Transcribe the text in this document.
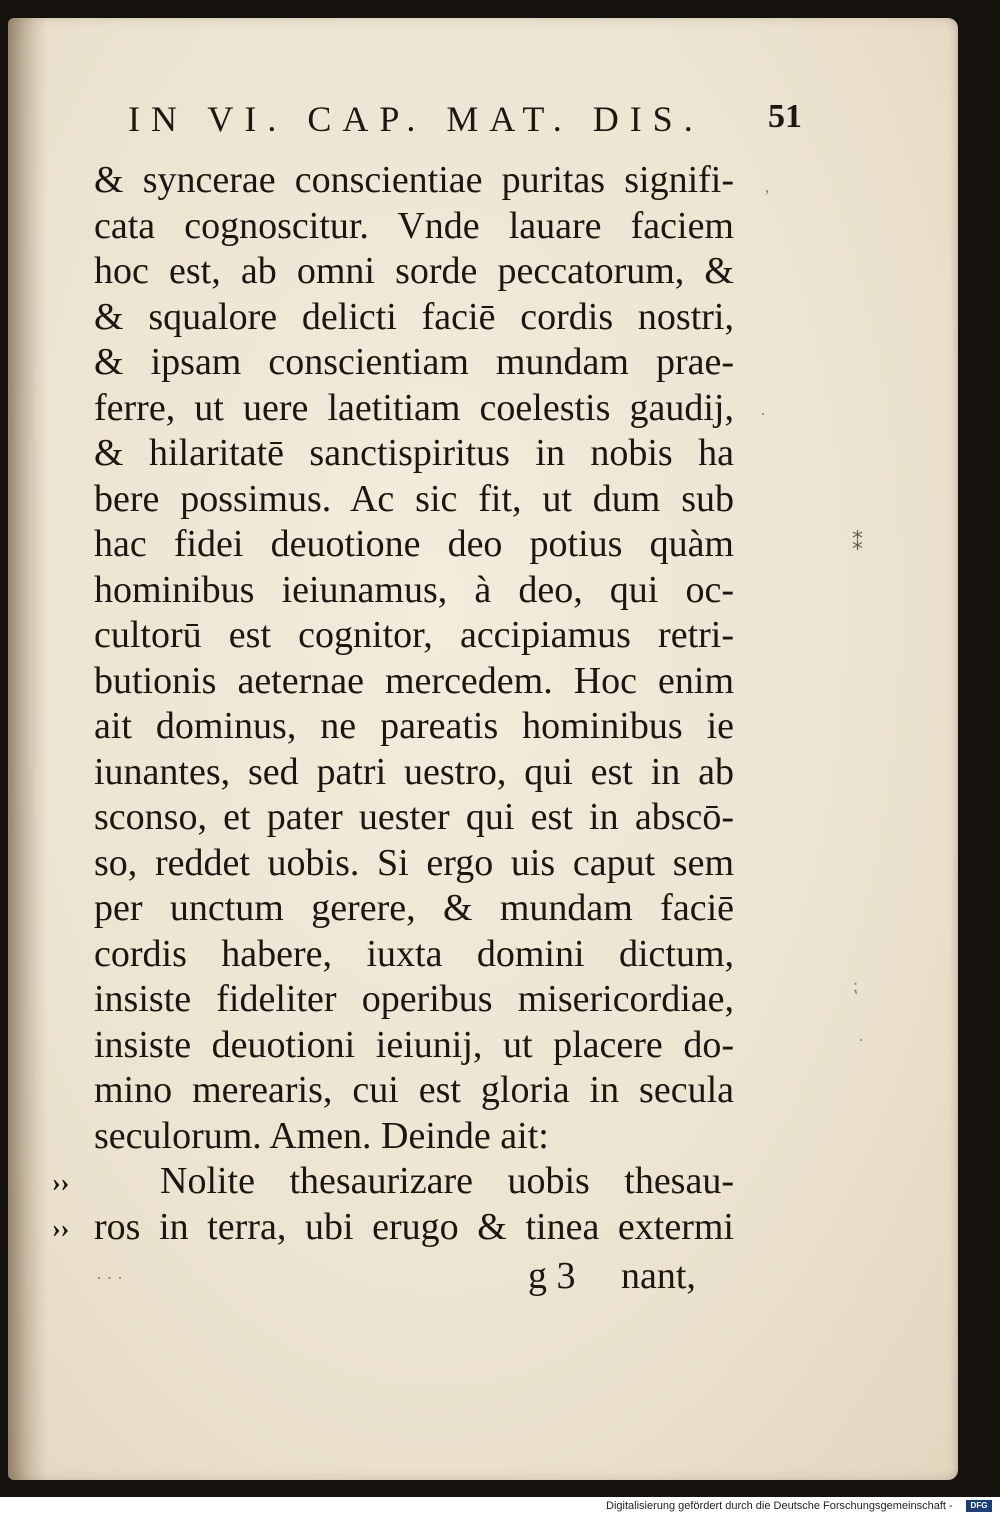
IN VI. CAP. MAT. DIS. 51
& syncerae conscientiae puritas signifi-
cata cognoscitur. Vnde lauare faciem
hoc est, ab omni sorde peccatorum, &
& squalore delicti faciē cordis nostri,
& ipsam conscientiam mundam prae-
ferre, ut uere laetitiam coelestis gaudij,
& hilaritatē sanctispiritus in nobis ha
bere possimus. Ac sic fit, ut dum sub
hac fidei deuotione deo potius quàm
hominibus ieiunamus, à deo, qui oc-
cultorū est cognitor, accipiamus retri-
butionis aeternae mercedem. Hoc enim
ait dominus, ne pareatis hominibus ie
iunantes, sed patri uestro, qui est in ab
sconso, et pater uester qui est in abscō-
so, reddet uobis. Si ergo uis caput sem
per unctum gerere, & mundam faciē
cordis habere, iuxta domini dictum,
insiste fideliter operibus misericordiae,
insiste deuotioni ieiunij, ut placere do-
mino merearis, cui est gloria in secula
seculorum. Amen. Deinde ait:
Nolite thesaurizare uobis thesau-
ros in terra, ubi erugo & tinea extermi
››
››
g 3 nant,
‚
·
⁑
⁏
·
· · ·
Digitalisierung gefördert durch die Deutsche Forschungsgemeinschaft -	DFG
